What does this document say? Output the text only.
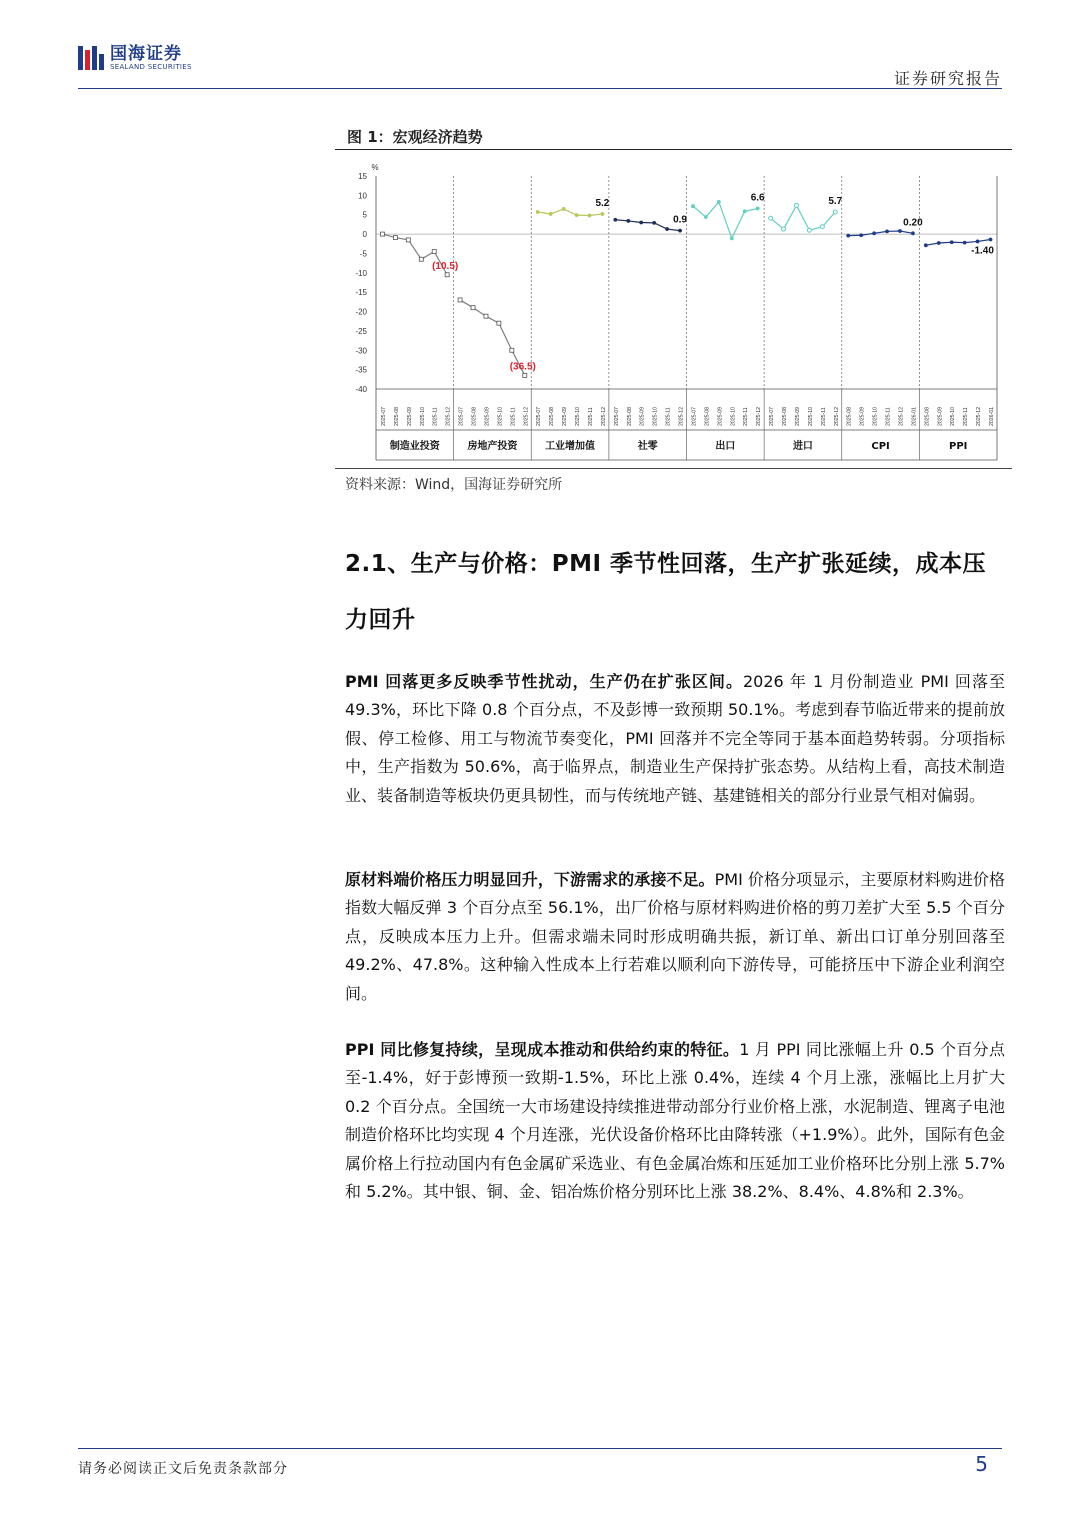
国海证券
SEALAND SECURITIES
证券研究报告
图 1：宏观经济趋势
%
15
10
5
0
-5
-10
-15
-20
-25
-30
-35
-40
2025-07 2025-08 2025-09 2025-10 2025-11 2025-12
(10.5)
制造业投资
2025-07 2025-08 2025-09 2025-10 2025-11 2025-12
(36.5)
房地产投资
2025-07 2025-08 2025-09 2025-10 2025-11 2025-12
5.2
工业增加值
2025-07 2025-08 2025-09 2025-10 2025-11 2025-12
0.9
社零
2025-07 2025-08 2025-09 2025-10 2025-11 2025-12
6.6
出口
2025-07 2025-08 2025-09 2025-10 2025-11 2025-12
5.7
进口
2025-08 2025-09 2025-10 2025-11 2025-12 2026-01
0.20
CPI
2025-08 2025-09 2025-10 2025-11 2025-12 2026-01
-1.40
PPI
资料来源：Wind，国海证券研究所
2.1、生产与价格：PMI 季节性回落，生产扩张延续，成本压力回升
PMI 回落更多反映季节性扰动，生产仍在扩张区间。2026 年 1 月份制造业 PMI 回落至 49.3%，环比下降 0.8 个百分点，不及彭博一致预期 50.1%。考虑到春节临近带来的提前放假、停工检修、用工与物流节奏变化，PMI 回落并不完全等同于基本面趋势转弱。分项指标中，生产指数为 50.6%，高于临界点，制造业生产保持扩张态势。从结构上看，高技术制造业、装备制造等板块仍更具韧性，而与传统地产链、基建链相关的部分行业景气相对偏弱。
原材料端价格压力明显回升，下游需求的承接不足。PMI 价格分项显示，主要原材料购进价格指数大幅反弹 3 个百分点至 56.1%，出厂价格与原材料购进价格的剪刀差扩大至 5.5 个百分点，反映成本压力上升。但需求端未同时形成明确共振，新订单、新出口订单分别回落至 49.2%、47.8%。这种输入性成本上行若难以顺利向下游传导，可能挤压中下游企业利润空间。
PPI 同比修复持续，呈现成本推动和供给约束的特征。1 月 PPI 同比涨幅上升 0.5 个百分点至-1.4%，好于彭博预一致期-1.5%，环比上涨 0.4%，连续 4 个月上涨，涨幅比上月扩大 0.2 个百分点。全国统一大市场建设持续推进带动部分行业价格上涨，水泥制造、锂离子电池制造价格环比均实现 4 个月连涨，光伏设备价格环比由降转涨（+1.9%）。此外，国际有色金属价格上行拉动国内有色金属矿采选业、有色金属冶炼和压延加工业价格环比分别上涨 5.7%和 5.2%。其中银、铜、金、铝冶炼价格分别环比上涨 38.2%、8.4%、4.8%和 2.3%。
请务必阅读正文后免责条款部分	5
